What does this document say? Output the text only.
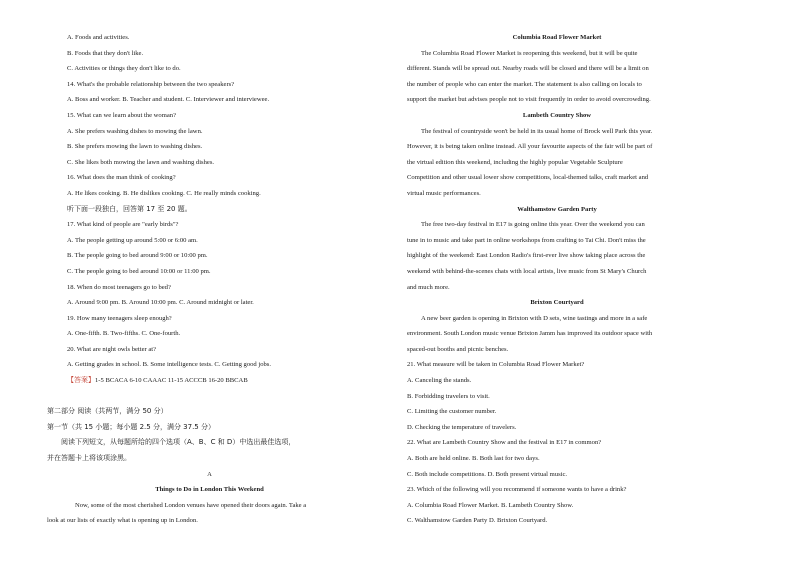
A. Foods and activities.
B. Foods that they don't like.
C. Activities or things they don't like to do.
14. What's the probable relationship between the two speakers?
A. Boss and worker. B. Teacher and student. C. Interviewer and interviewee.
15. What can we learn about the woman?
A. She prefers washing dishes to mowing the lawn.
B. She prefers mowing the lawn to washing dishes.
C. She likes both mowing the lawn and washing dishes.
16. What does the man think of cooking?
A. He likes cooking. B. He dislikes cooking. C. He really minds cooking.
听下面一段独白，回答第 17 至 20 题。
17. What kind of people are "early birds"?
A. The people getting up around 5:00 or 6:00 am.
B. The people going to bed around 9:00 or 10:00 pm.
C. The people going to bed around 10:00 or 11:00 pm.
18. When do most teenagers go to bed?
A. Around 9:00 pm. B. Around 10:00 pm. C. Around midnight or later.
19. How many teenagers sleep enough?
A. One-fifth. B. Two-fifths. C. One-fourth.
20. What are night owls better at?
A. Getting grades in school. B. Some intelligence tests. C. Getting good jobs.
【答案】1-5 BCACA 6-10 CAAAC 11-15 ACCCB 16-20 BBCAB
第二部分 阅读（共两节，满分 50 分）
第一节（共 15 小题；每小题 2.5 分，满分 37.5 分）
阅读下列短文，从每题所给的四个选项（A、B、C 和 D）中选出最佳选项，
并在答题卡上将该项涂黑。
A
Things to Do in London This Weekend
Now, some of the most cherished London venues have opened their doors again. Take a
look at our lists of exactly what is opening up in London.
Columbia Road Flower Market
The Columbia Road Flower Market is reopening this weekend, but it will be quite
different. Stands will be spread out. Nearby roads will be closed and there will be a limit on
the number of people who can enter the market. The statement is also calling on locals to
support the market but advises people not to visit frequently in order to avoid overcrowding.
Lambeth Country Show
The festival of countryside won't be held in its usual home of Brock well Park this year.
However, it is being taken online instead. All your favourite aspects of the fair will be part of
the virtual edition this weekend, including the highly popular Vegetable Sculpture
Competition and other usual lower show competitions, local-themed talks, craft market and
virtual music performances.
Walthamstow Garden Party
The free two-day festival in E17 is going online this year. Over the weekend you can
tune in to music and take part in online workshops from crafting to Tai Chi. Don't miss the
highlight of the weekend: East London Radio's first-ever live show taking place across the
weekend with behind-the-scenes chats with local artists, live music from St Mary's Church
and much more.
Brixton Courtyard
A new beer garden is opening in Brixton with D sets, wine tastings and more in a safe
environment. South London music venue Brixton Jamm has improved its outdoor space with
spaced-out booths and picnic benches.
21. What measure will be taken in Columbia Road Flower Market?
A. Canceling the stands.
B. Forbidding travelers to visit.
C. Limiting the customer number.
D. Checking the temperature of travelers.
22. What are Lambeth Country Show and the festival in E17 in common?
A. Both are held online. B. Both last for two days.
C. Both include competitions. D. Both present virtual music.
23. Which of the following will you recommend if someone wants to have a drink?
A. Columbia Road Flower Market. B. Lambeth Country Show.
C. Walthamstow Garden Party D. Brixton Courtyard.
